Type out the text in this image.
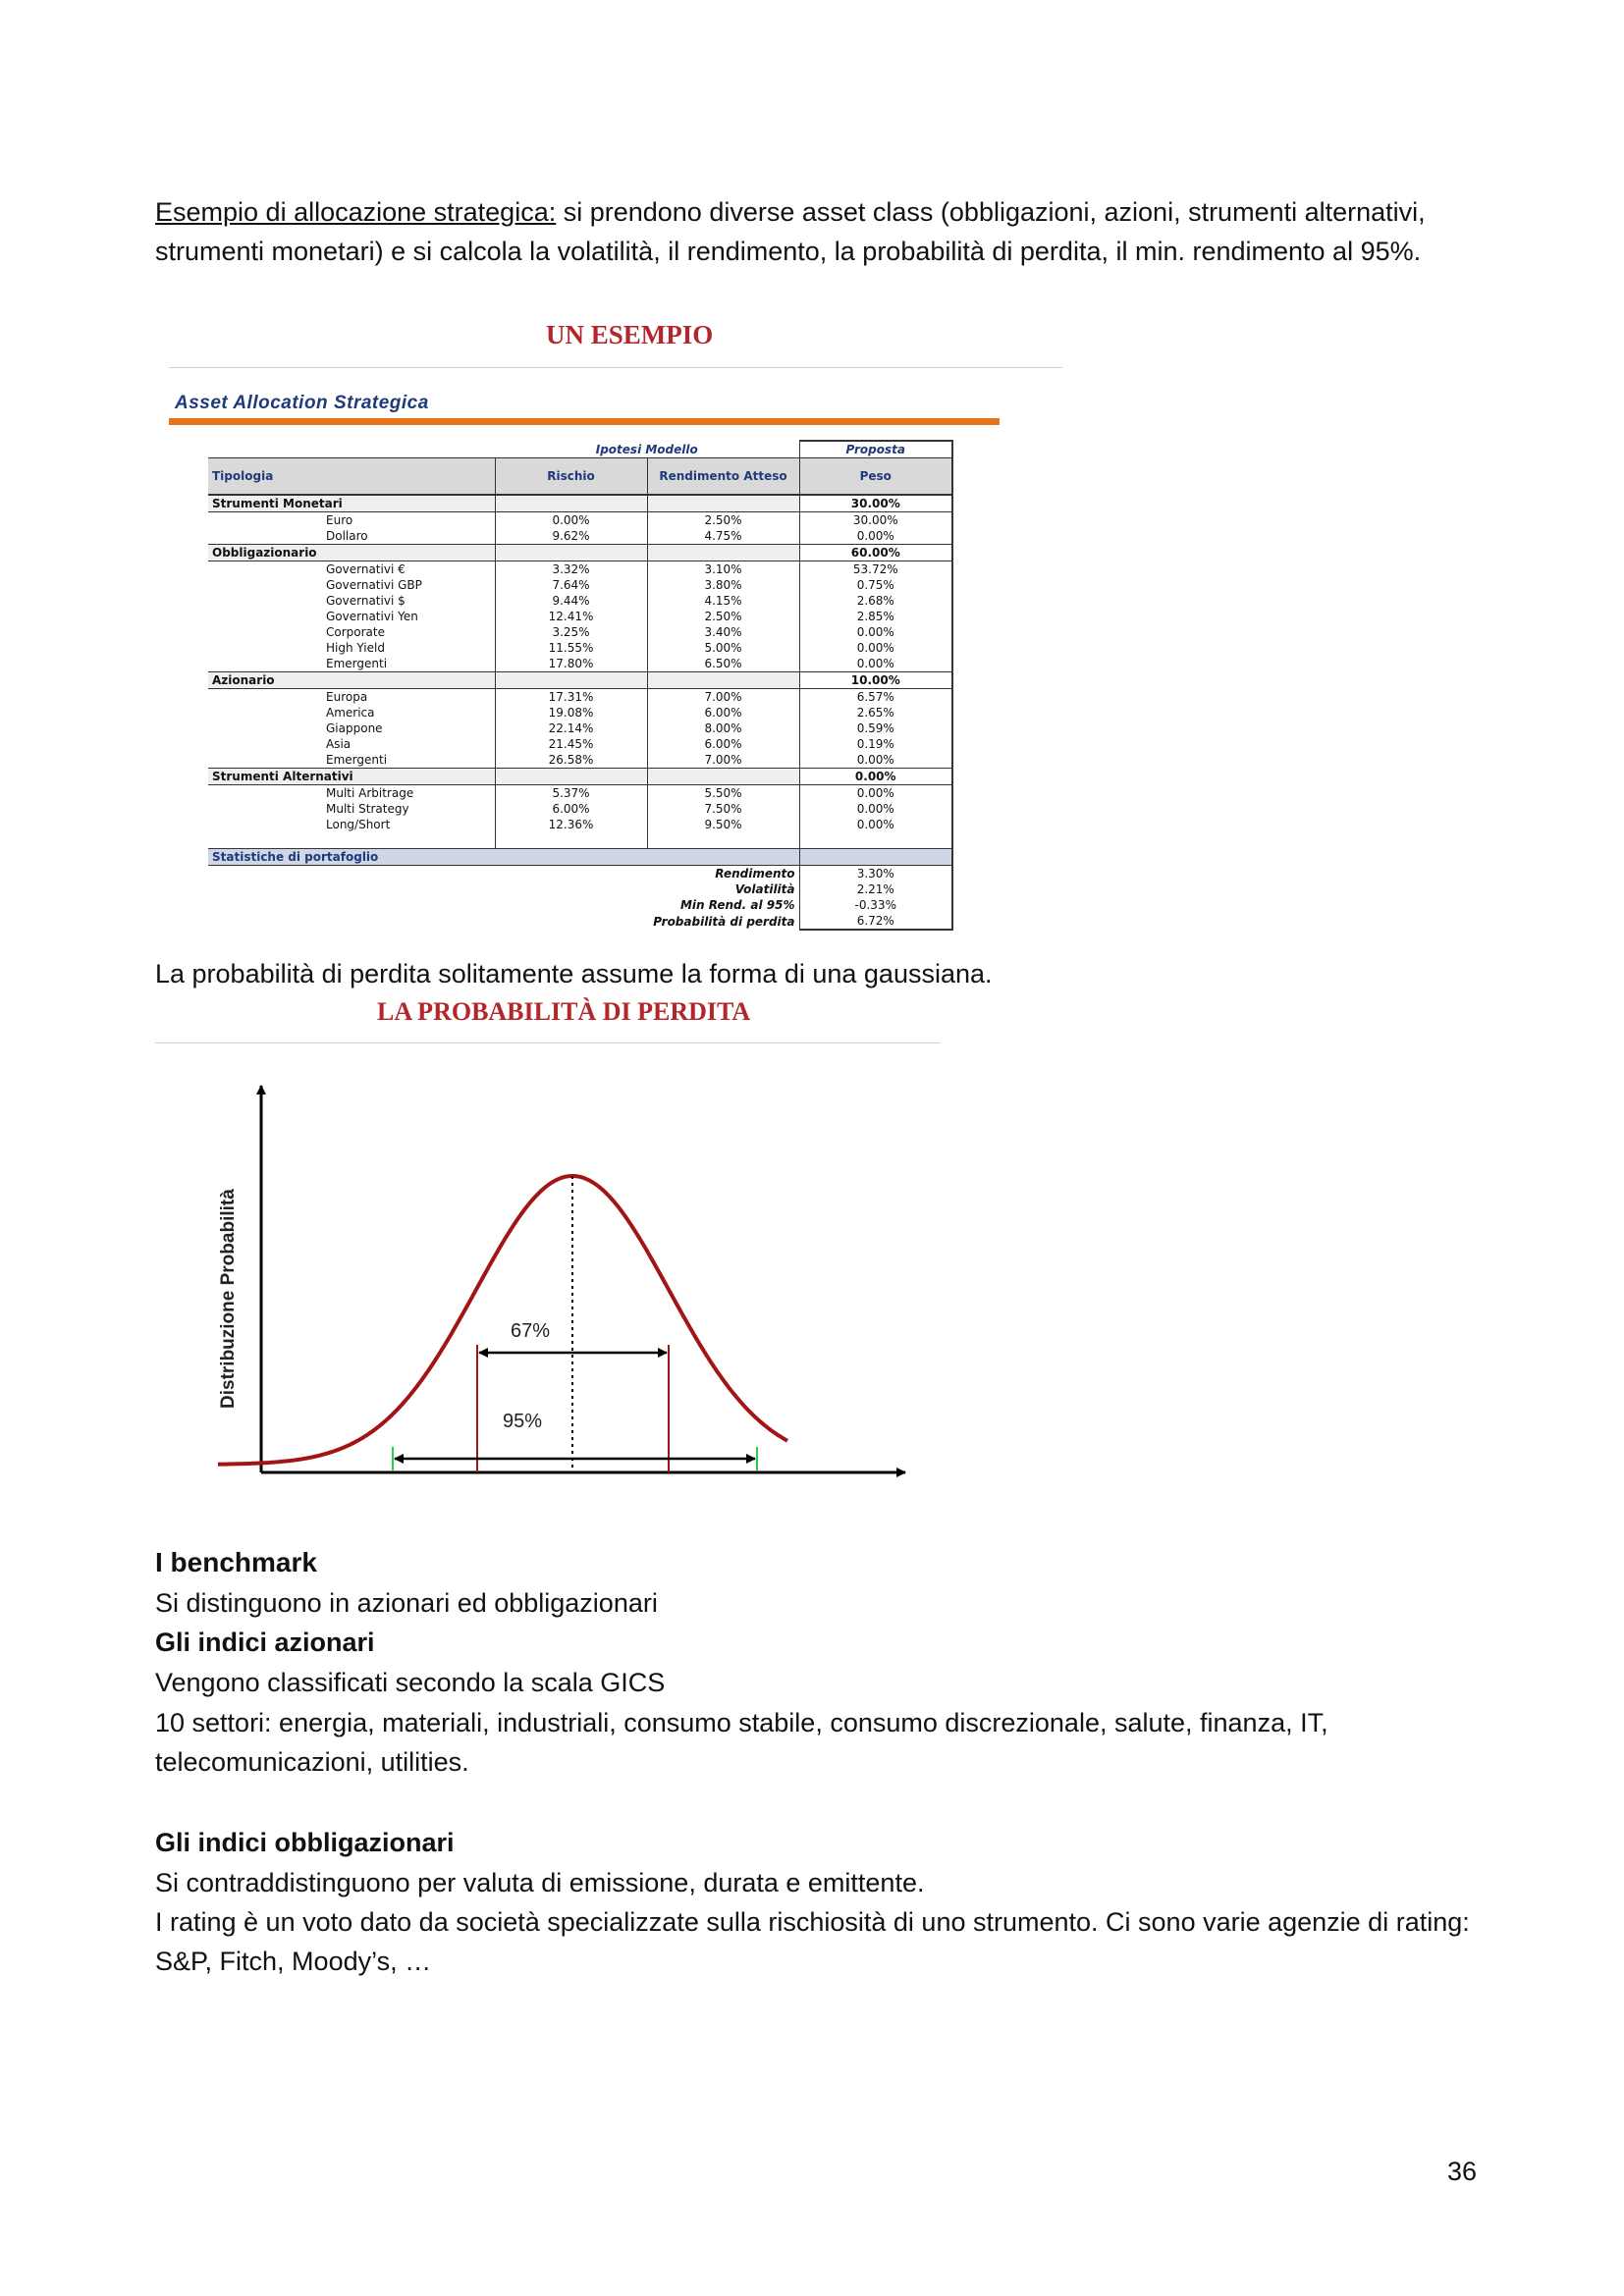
Esempio di allocazione strategica: si prendono diverse asset class (obbligazioni, azioni, strumenti alternativi, strumenti monetari) e si calcola la volatilità, il rendimento, la probabilità di perdita, il min. rendimento al 95%.
UN ESEMPIO
Asset Allocation Strategica
	Ipotesi Modello		Proposta
Tipologia	Rischio	Rendimento Atteso	Peso
Strumenti Monetari			30.00%
Euro	0.00%	2.50%	30.00%
Dollaro	9.62%	4.75%	0.00%
Obbligazionario			60.00%
Governativi €	3.32%	3.10%	53.72%
Governativi GBP	7.64%	3.80%	0.75%
Governativi $	9.44%	4.15%	2.68%
Governativi Yen	12.41%	2.50%	2.85%
Corporate	3.25%	3.40%	0.00%
High Yield	11.55%	5.00%	0.00%
Emergenti	17.80%	6.50%	0.00%
Azionario			10.00%
Europa	17.31%	7.00%	6.57%
America	19.08%	6.00%	2.65%
Giappone	22.14%	8.00%	0.59%
Asia	21.45%	6.00%	0.19%
Emergenti	26.58%	7.00%	0.00%
Strumenti Alternativi			0.00%
Multi Arbitrage	5.37%	5.50%	0.00%
Multi Strategy	6.00%	7.50%	0.00%
Long/Short	12.36%	9.50%	0.00%

Statistiche di portafoglio			
Rendimento			3.30%
Volatilità			2.21%
Min Rend. al 95%			-0.33%
Probabilità di perdita			6.72%
La probabilità di perdita solitamente assume la forma di una gaussiana.
LA PROBABILITÀ DI PERDITA
67%
95%
Distribuzione Probabilità
I benchmark
Si distinguono in azionari ed obbligazionari
Gli indici azionari
Vengono classificati secondo la scala GICS
10 settori: energia, materiali, industriali, consumo stabile, consumo discrezionale, salute, finanza, IT, telecomunicazioni, utilities.
Gli indici obbligazionari
Si contraddistinguono per valuta di emissione, durata e emittente.
I rating è un voto dato da società specializzate sulla rischiosità di uno strumento. Ci sono varie agenzie di rating: S&P, Fitch, Moody’s, …
36
